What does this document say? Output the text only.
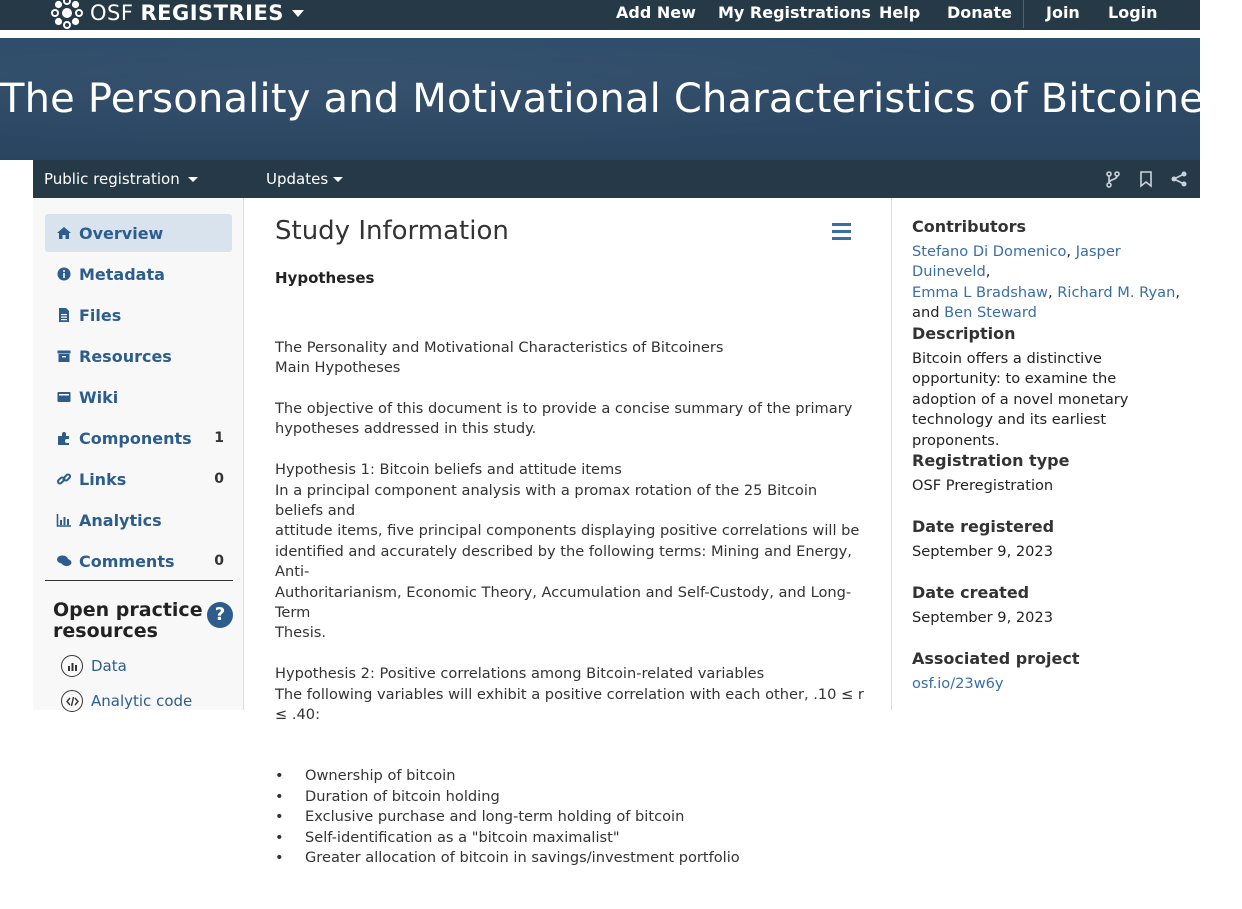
OSF REGISTRIES	Add New My Registrations Help Donate Join Login
The Personality and Motivational Characteristics of Bitcoiners
Public registration	Updates
Overview
Metadata
Files
Resources
Wiki
Components 1
Links	0
Analytics
Comments	0
Open practice resources
?
Data
Analytic code
Study Information
Hypotheses

The Personality and Motivational Characteristics of Bitcoiners
Main Hypotheses
The objective of this document is to provide a concise summary of the primary
hypotheses addressed in this study.
Hypothesis 1: Bitcoin beliefs and attitude items
In a principal component analysis with a promax rotation of the 25 Bitcoin beliefs and
attitude items, five principal components displaying positive correlations will be
identified and accurately described by the following terms: Mining and Energy, Anti-
Authoritarianism, Economic Theory, Accumulation and Self-Custody, and Long-Term
Thesis.
Hypothesis 2: Positive correlations among Bitcoin-related variables
The following variables will exhibit a positive correlation with each other, .10 ≤ r ≤ .40:

•	Ownership of bitcoin
•	Duration of bitcoin holding
•	Exclusive purchase and long-term holding of bitcoin
•	Self-identification as a "bitcoin maximalist"
•	Greater allocation of bitcoin in savings/investment portfolio

Contributors
Stefano Di Domenico, Jasper Duineveld,
Emma L Bradshaw, Richard M. Ryan,
and Ben Steward
Description
Bitcoin offers a distinctive opportunity: to examine the adoption of a novel monetary technology and its earliest proponents.
Registration type
OSF Preregistration
Date registered
September 9, 2023
Date created
September 9, 2023
Associated project
osf.io/23w6y
